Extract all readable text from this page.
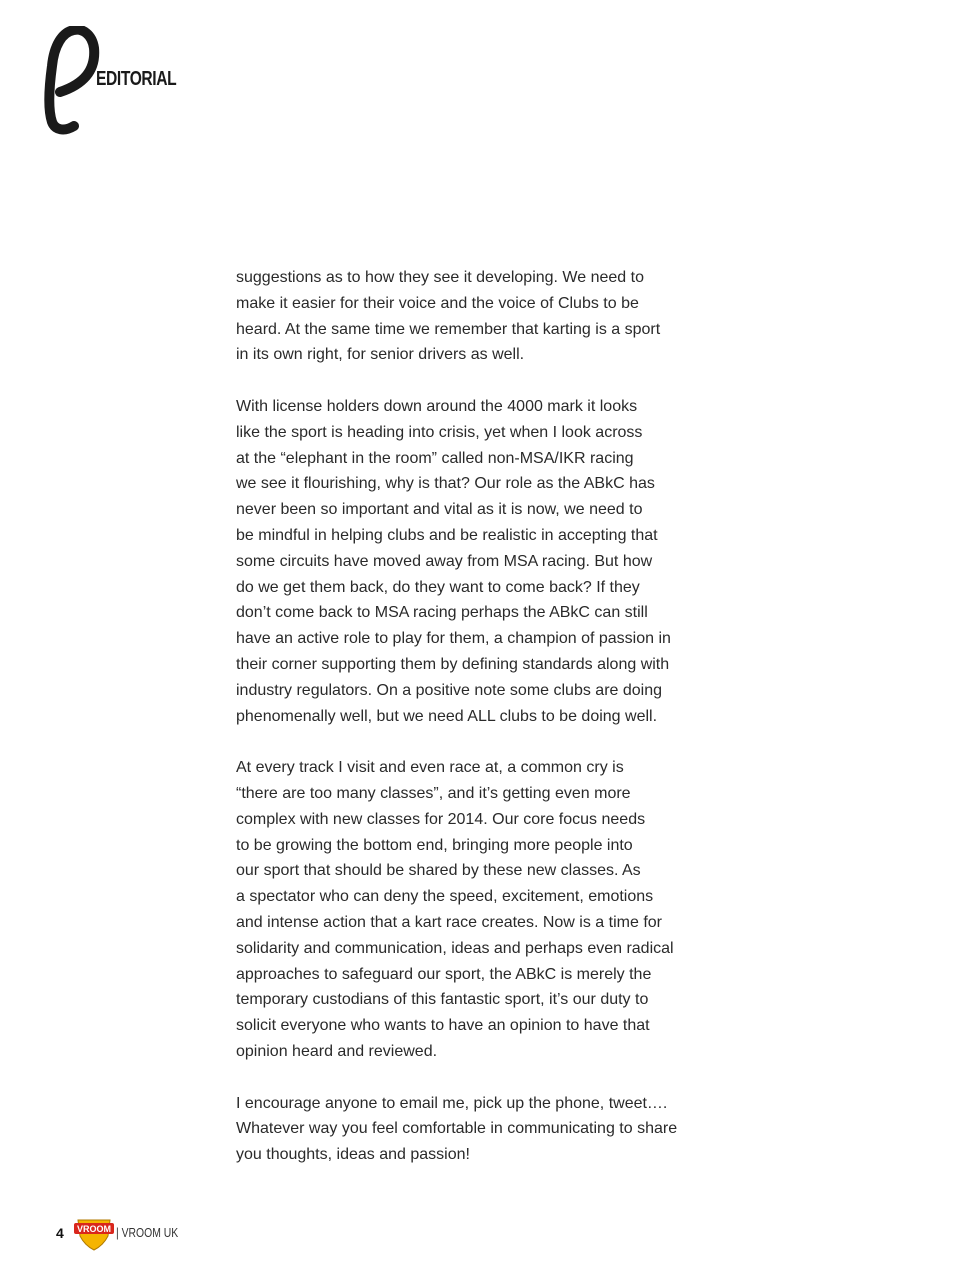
EDITORIAL

suggestions as to how they see it developing. We need to
make it easier for their voice and the voice of Clubs to be
heard. At the same time we remember that karting is a sport
in its own right, for senior drivers as well.

With license holders down around the 4000 mark it looks
like the sport is heading into crisis, yet when I look across
at the “elephant in the room” called non-MSA/IKR racing
we see it flourishing, why is that? Our role as the ABkC has
never been so important and vital as it is now, we need to
be mindful in helping clubs and be realistic in accepting that
some circuits have moved away from MSA racing. But how
do we get them back, do they want to come back? If they
don’t come back to MSA racing perhaps the ABkC can still
have an active role to play for them, a champion of passion in
their corner supporting them by defining standards along with
industry regulators. On a positive note some clubs are doing
phenomenally well, but we need ALL clubs to be doing well.

At every track I visit and even race at, a common cry is
“there are too many classes”, and it’s getting even more
complex with new classes for 2014. Our core focus needs
to be growing the bottom end, bringing more people into
our sport that should be shared by these new classes. As
a spectator who can deny the speed, excitement, emotions
and intense action that a kart race creates. Now is a time for
solidarity and communication, ideas and perhaps even radical
approaches to safeguard our sport, the ABkC is merely the
temporary custodians of this fantastic sport, it’s our duty to
solicit everyone who wants to have an opinion to have that
opinion heard and reviewed.

I encourage anyone to email me, pick up the phone, tweet….
Whatever way you feel comfortable in communicating to share
you thoughts, ideas and passion!

4 VROOM | VROOM UK
